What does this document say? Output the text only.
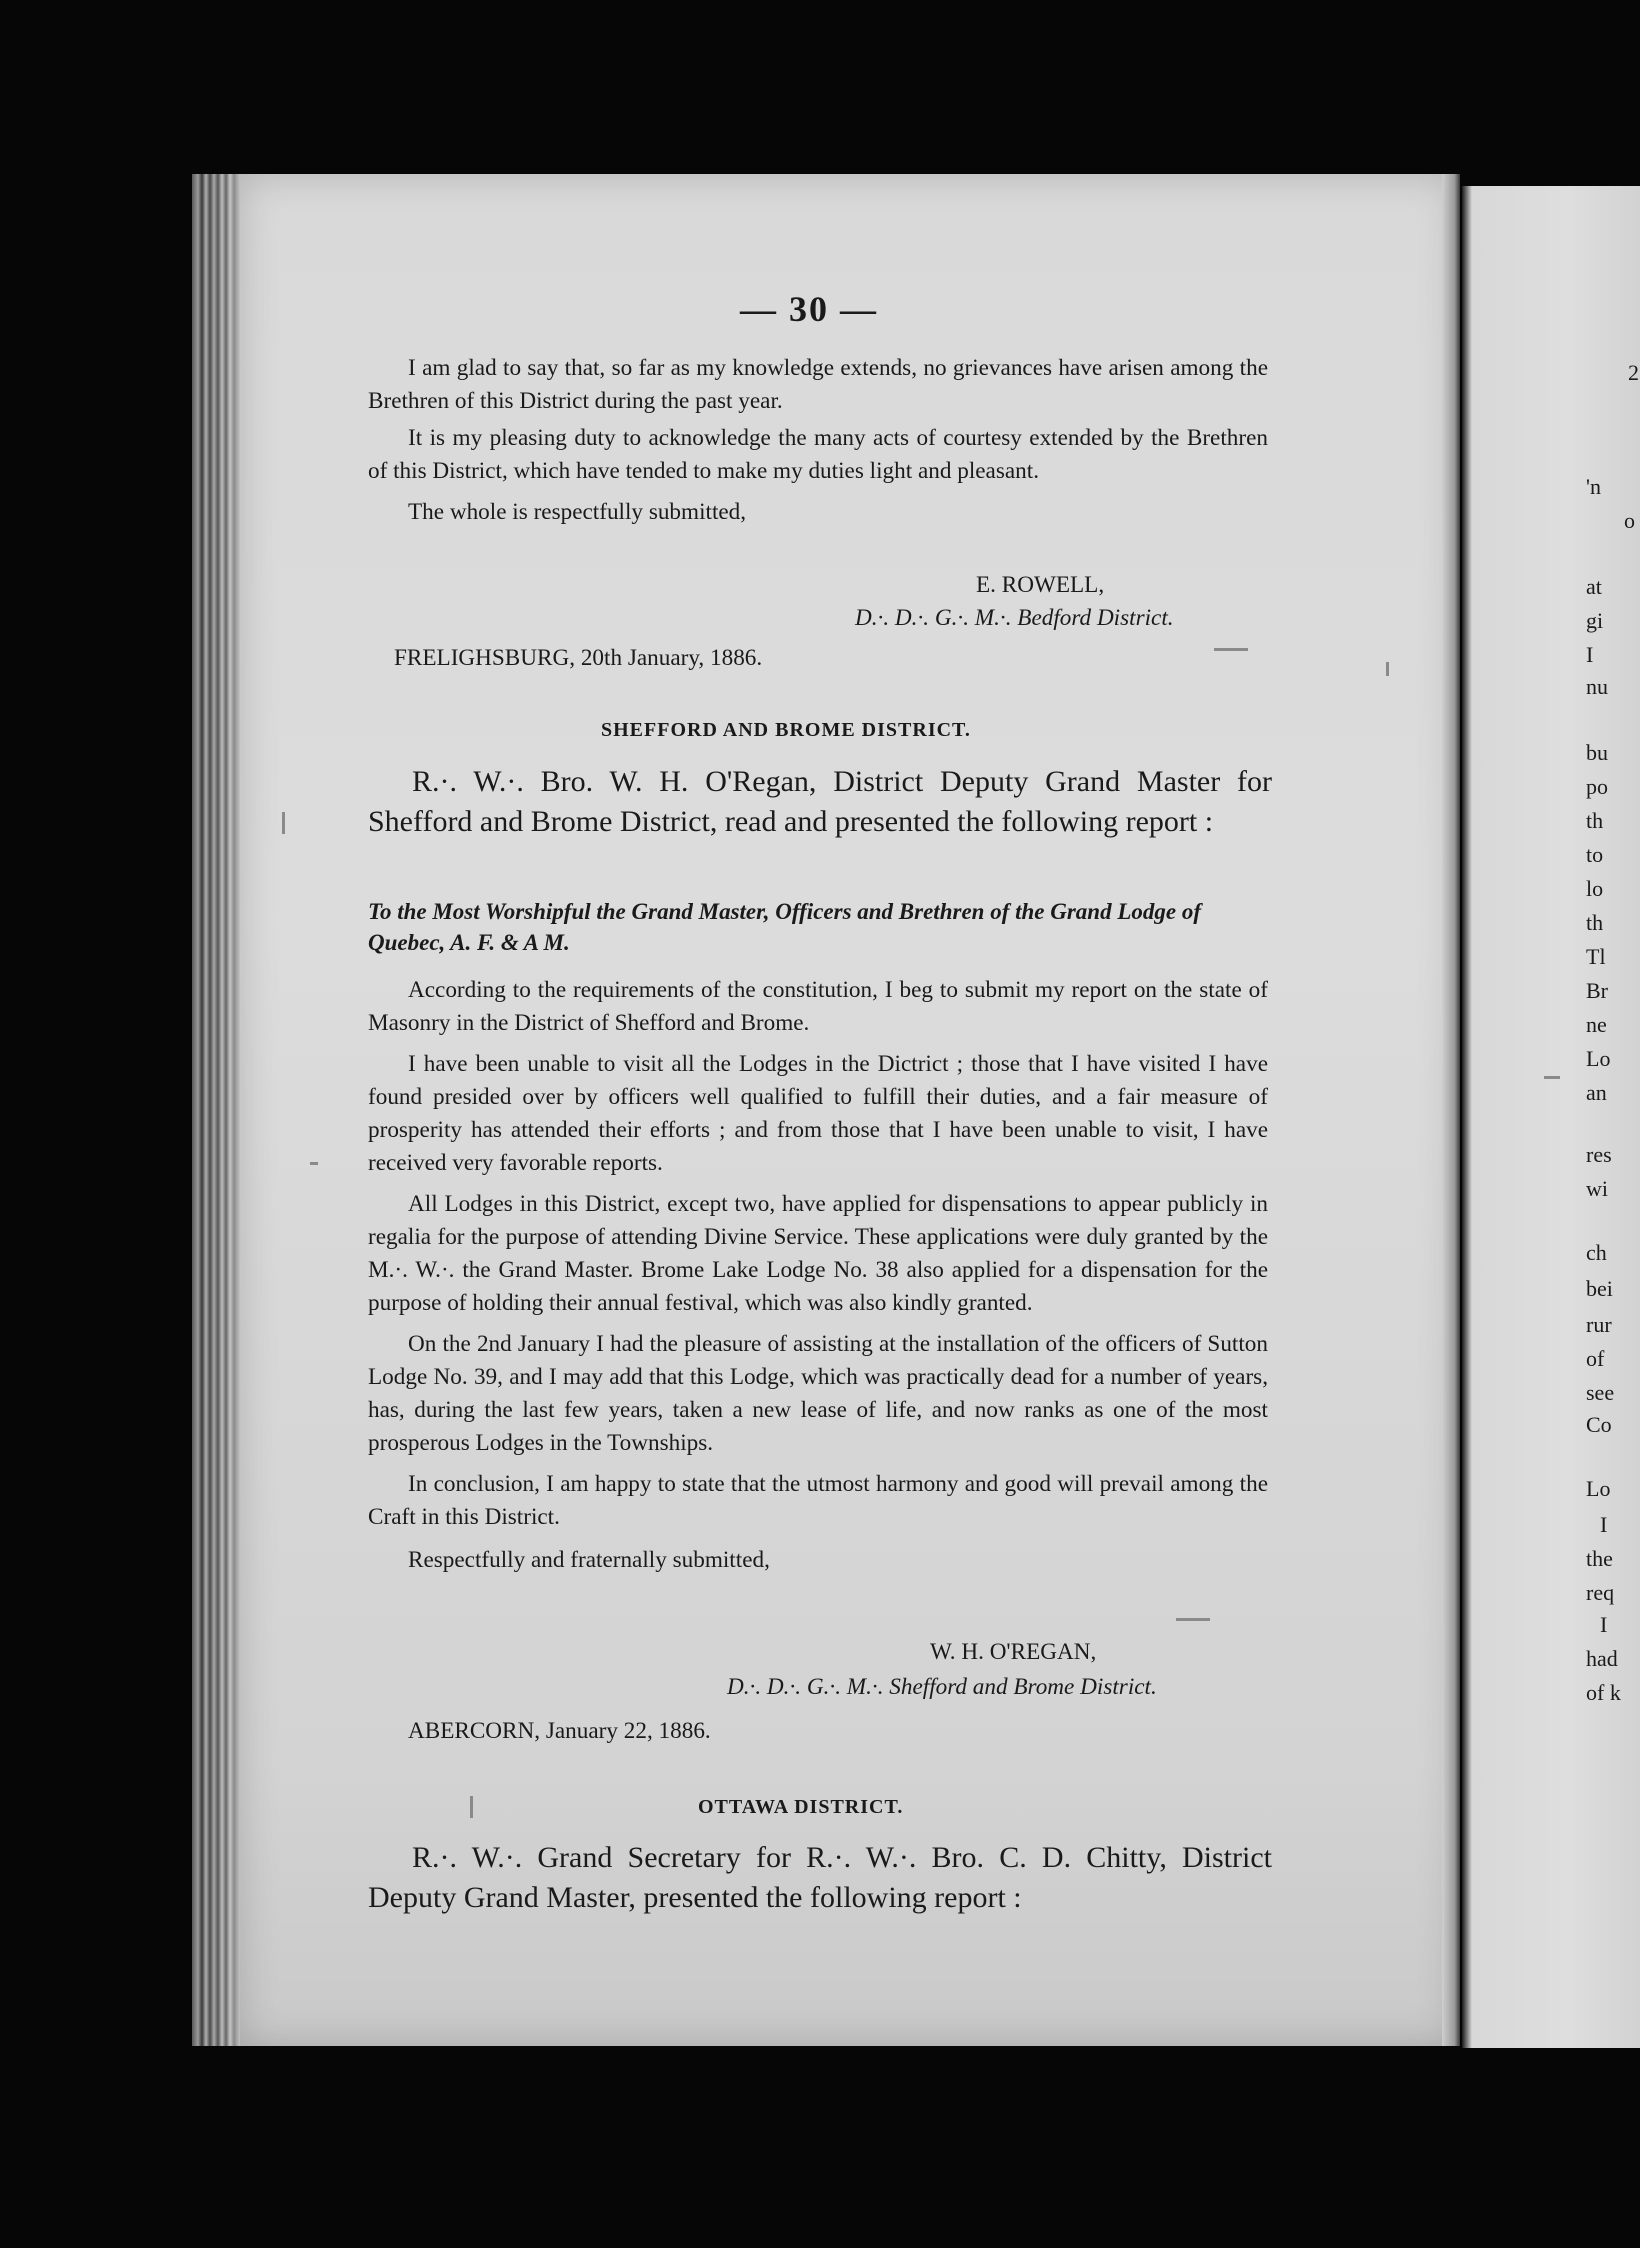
— 30 —

I am glad to say that, so far as my knowledge extends, no grievances have arisen among the Brethren of this District during the past year.

It is my pleasing duty to acknowledge the many acts of courtesy extended by the Brethren of this District, which have tended to make my duties light and pleasant.

The whole is respectfully submitted,

E. ROWELL,
D.·. D.·. G.·. M.·. Bedford District.
FRELIGHSBURG, 20th January, 1886.
SHEFFORD AND BROME DISTRICT.

R.·. W.·. Bro. W. H. O'Regan, District Deputy Grand Master for Shefford and Brome District, read and presented the following report :

To the Most Worshipful the Grand Master, Officers and Brethren of the Grand Lodge of Quebec, A. F. & A M.

According to the requirements of the constitution, I beg to submit my report on the state of Masonry in the District of Shefford and Brome.

I have been unable to visit all the Lodges in the Dictrict ; those that I have visited I have found presided over by officers well qualified to fulfill their duties, and a fair measure of prosperity has attended their efforts ; and from those that I have been unable to visit, I have received very favorable reports.

All Lodges in this District, except two, have applied for dispensations to appear publicly in regalia for the purpose of attending Divine Service. These applications were duly granted by the M.·. W.·. the Grand Master. Brome Lake Lodge No. 38 also applied for a dispensation for the purpose of holding their annual festival, which was also kindly granted.

On the 2nd January I had the pleasure of assisting at the installation of the officers of Sutton Lodge No. 39, and I may add that this Lodge, which was practically dead for a number of years, has, during the last few years, taken a new lease of life, and now ranks as one of the most prosperous Lodges in the Townships.

In conclusion, I am happy to state that the utmost harmony and good will prevail among the Craft in this District.

Respectfully and fraternally submitted,

W. H. O'REGAN,
D.·. D.·. G.·. M.·. Shefford and Brome District.
ABERCORN, January 22, 1886.
OTTAWA DISTRICT.

R.·. W.·. Grand Secretary for R.·. W.·. Bro. C. D. Chitty, District Deputy Grand Master, presented the following report :

2
'n
o
at
gi
I
nu
bu
po
th
to
lo
th
Tl
Br
ne
Lo
an
res
wi
ch
bei
rur
of
see
Co
Lo
I
the
req
I
had
of k
